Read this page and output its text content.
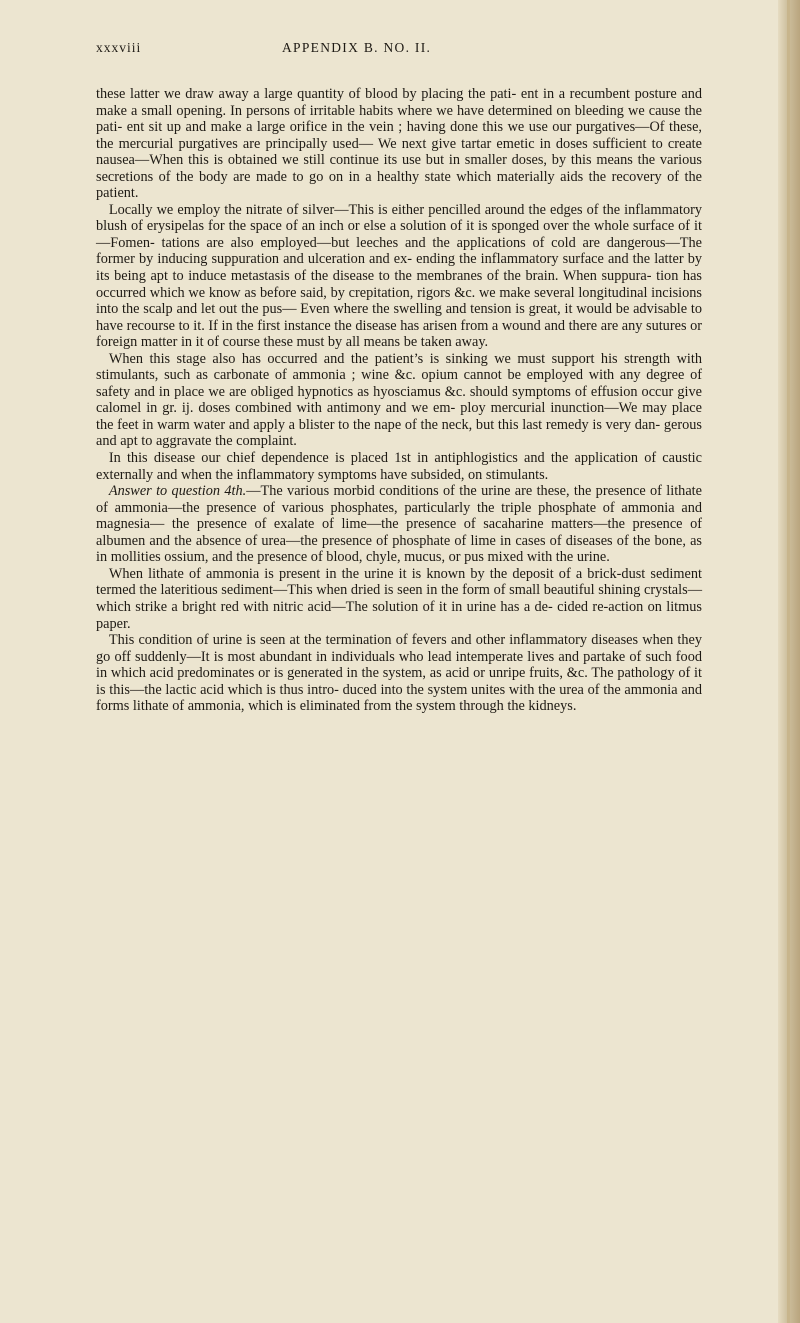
xxxviii	APPENDIX B. NO. II.

these latter we draw away a large quantity of blood by placing the pati- ent in a recumbent posture and make a small opening. In persons of irritable habits where we have determined on bleeding we cause the pati- ent sit up and make a large orifice in the vein ; having done this we use our purgatives—Of these, the mercurial purgatives are principally used— We next give tartar emetic in doses sufficient to create nausea—When this is obtained we still continue its use but in smaller doses, by this means the various secretions of the body are made to go on in a healthy state which materially aids the recovery of the patient.

Locally we employ the nitrate of silver—This is either pencilled around the edges of the inflammatory blush of erysipelas for the space of an inch or else a solution of it is sponged over the whole surface of it—Fomen- tations are also employed—but leeches and the applications of cold are dangerous—The former by inducing suppuration and ulceration and ex- ending the inflammatory surface and the latter by its being apt to induce metastasis of the disease to the membranes of the brain. When suppura- tion has occurred which we know as before said, by crepitation, rigors &c. we make several longitudinal incisions into the scalp and let out the pus— Even where the swelling and tension is great, it would be advisable to have recourse to it. If in the first instance the disease has arisen from a wound and there are any sutures or foreign matter in it of course these must by all means be taken away.

When this stage also has occurred and the patient’s is sinking we must support his strength with stimulants, such as carbonate of ammonia ; wine &c. opium cannot be employed with any degree of safety and in place we are obliged hypnotics as hyosciamus &c. should symptoms of effusion occur give calomel in gr. ij. doses combined with antimony and we em- ploy mercurial inunction—We may place the feet in warm water and apply a blister to the nape of the neck, but this last remedy is very dan- gerous and apt to aggravate the complaint.

In this disease our chief dependence is placed 1st in antiphlogistics and the application of caustic externally and when the inflammatory symptoms have subsided, on stimulants.

Answer to question 4th.—The various morbid conditions of the urine are these, the presence of lithate of ammonia—the presence of various phosphates, particularly the triple phosphate of ammonia and magnesia— the presence of exalate of lime—the presence of sacaharine matters—the presence of albumen and the absence of urea—the presence of phosphate of lime in cases of diseases of the bone, as in mollities ossium, and the presence of blood, chyle, mucus, or pus mixed with the urine.

When lithate of ammonia is present in the urine it is known by the deposit of a brick-dust sediment termed the lateritious sediment—This when dried is seen in the form of small beautiful shining crystals—which strike a bright red with nitric acid—The solution of it in urine has a de- cided re-action on litmus paper.

This condition of urine is seen at the termination of fevers and other inflammatory diseases when they go off suddenly—It is most abundant in individuals who lead intemperate lives and partake of such food in which acid predominates or is generated in the system, as acid or unripe fruits, &c. The pathology of it is this—the lactic acid which is thus intro- duced into the system unites with the urea of the ammonia and forms lithate of ammonia, which is eliminated from the system through the kidneys.
